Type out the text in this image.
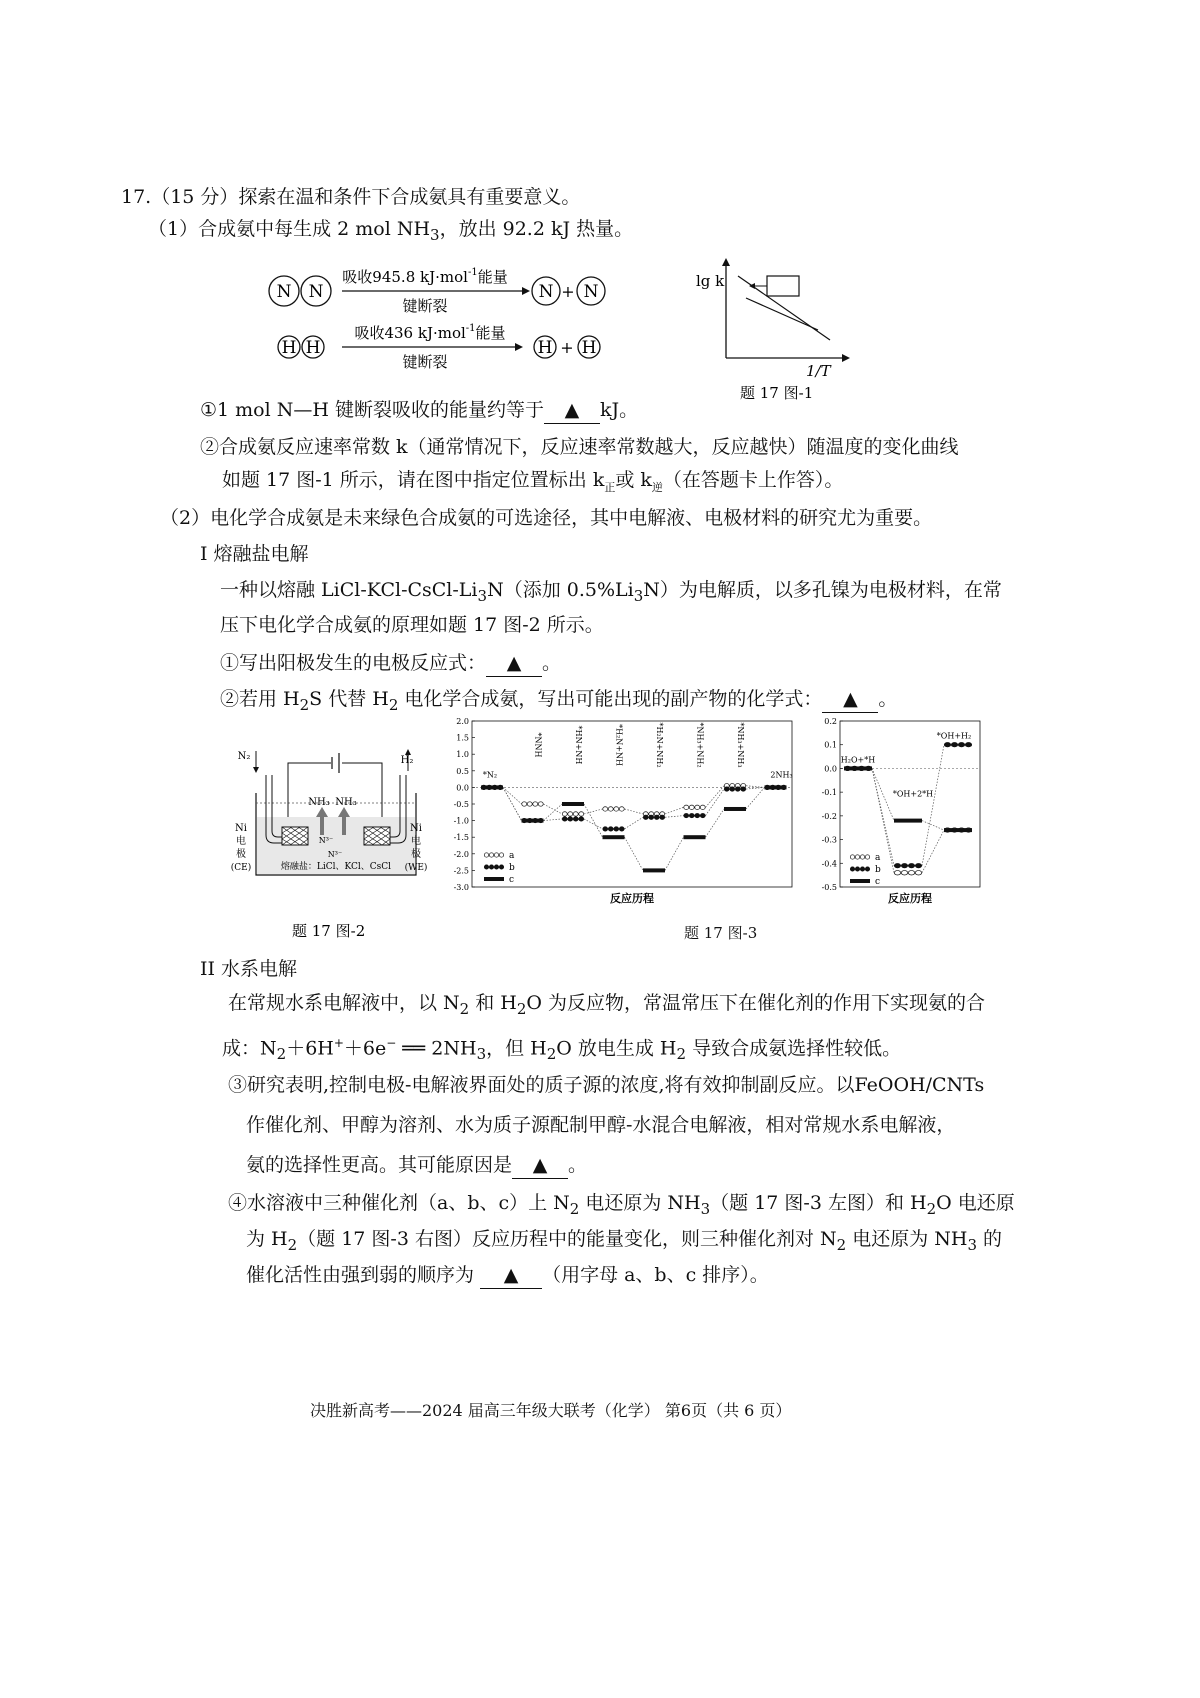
17.（15 分）探索在温和条件下合成氨具有重要意义。
（1）合成氨中每生成 2 mol $NH_3$，放出 92.2 kJ 热量。
N N
吸收945.8 kJ·mol$^{-1}$能量
键断裂
N + N
H H
吸收436 kJ·mol$^{-1}$能量
键断裂
H + H
lg k
1/T
题 17 图-1
①1 mol N—H 键断裂吸收的能量约等于 ▲ kJ。
②合成氨反应速率常数 k（通常情况下，反应速率常数越大，反应越快）随温度的变化曲线
如题 17 图-1 所示，请在图中指定位置标出 $k_正$或 $k_逆$（在答题卡上作答）。
（2）电化学合成氨是未来绿色合成氨的可选途径，其中电解液、电极材料的研究尤为重要。
I 熔融盐电解
一种以熔融 LiCl-$KCl-CsCl-Li_3N$（添加 $0.5\%Li_3N$）为电解质，以多孔镍为电极材料，在常
压下电化学合成氨的原理如题 17 图-2 所示。
①写出阳极发生的电极反应式： ▲ 。
②若用 $H_2S$ 代替 $H_2$ 电化学合成氨，写出可能出现的副产物的化学式： ▲ 。
N₂	H₂
NH₃ NH₃
N³⁻
N³⁻
Ni
电
极
(CE)
Ni
电
极
(WE)
熔融盐：LiCl、KCl、CsCl
题 17 图-2
2.0
1.5
1.0
0.5
0.0
-0.5
-1.0
-1.5
-2.0
-2.5
-3.0
反应历程
a
b
c
*N₂
*NNH	*HN+NH	*H₂N+NH	*H₂N+NH₂	*NH₃+NH₂	*NH₃+NH₃
2NH₃
0.2
0.1
0.0
-0.1
-0.2
-0.3
-0.4
-0.5
反应历程
a
b
c
H₂O+*H
*OH+2*H
*OH+H₂
题 17 图-3
II 水系电解
在常规水系电解液中，以 $N_2$ 和 $H_2O$ 为反应物，常温常压下在催化剂的作用下实现氨的合
成：$N_2+6H^++6e^-$ ══ $2NH_3$，但 $H_2O$ 放电生成 $H_2$ 导致合成氨选择性较低。
③研究表明,控制电极-电解液界面处的质子源的浓度,将有效抑制副反应。以FeOOH/CNTs
作催化剂、甲醇为溶剂、水为质子源配制甲醇-水混合电解液，相对常规水系电解液，
氨的选择性更高。其可能原因是 ▲ 。
④水溶液中三种催化剂（a、b、c）上 $N_2$ 电还原为 $NH_3$（题 17 图-3 左图）和 $H_2O$ 电还原
为 $H_2$（题 17 图-3 右图）反应历程中的能量变化，则三种催化剂对 $N_2$ 电还原为 $NH_3$ 的
催化活性由强到弱的顺序为 ▲ （用字母 a、b、c 排序）。
决胜新高考——2024 届高三年级大联考（化学） 第6页（共 6 页）
